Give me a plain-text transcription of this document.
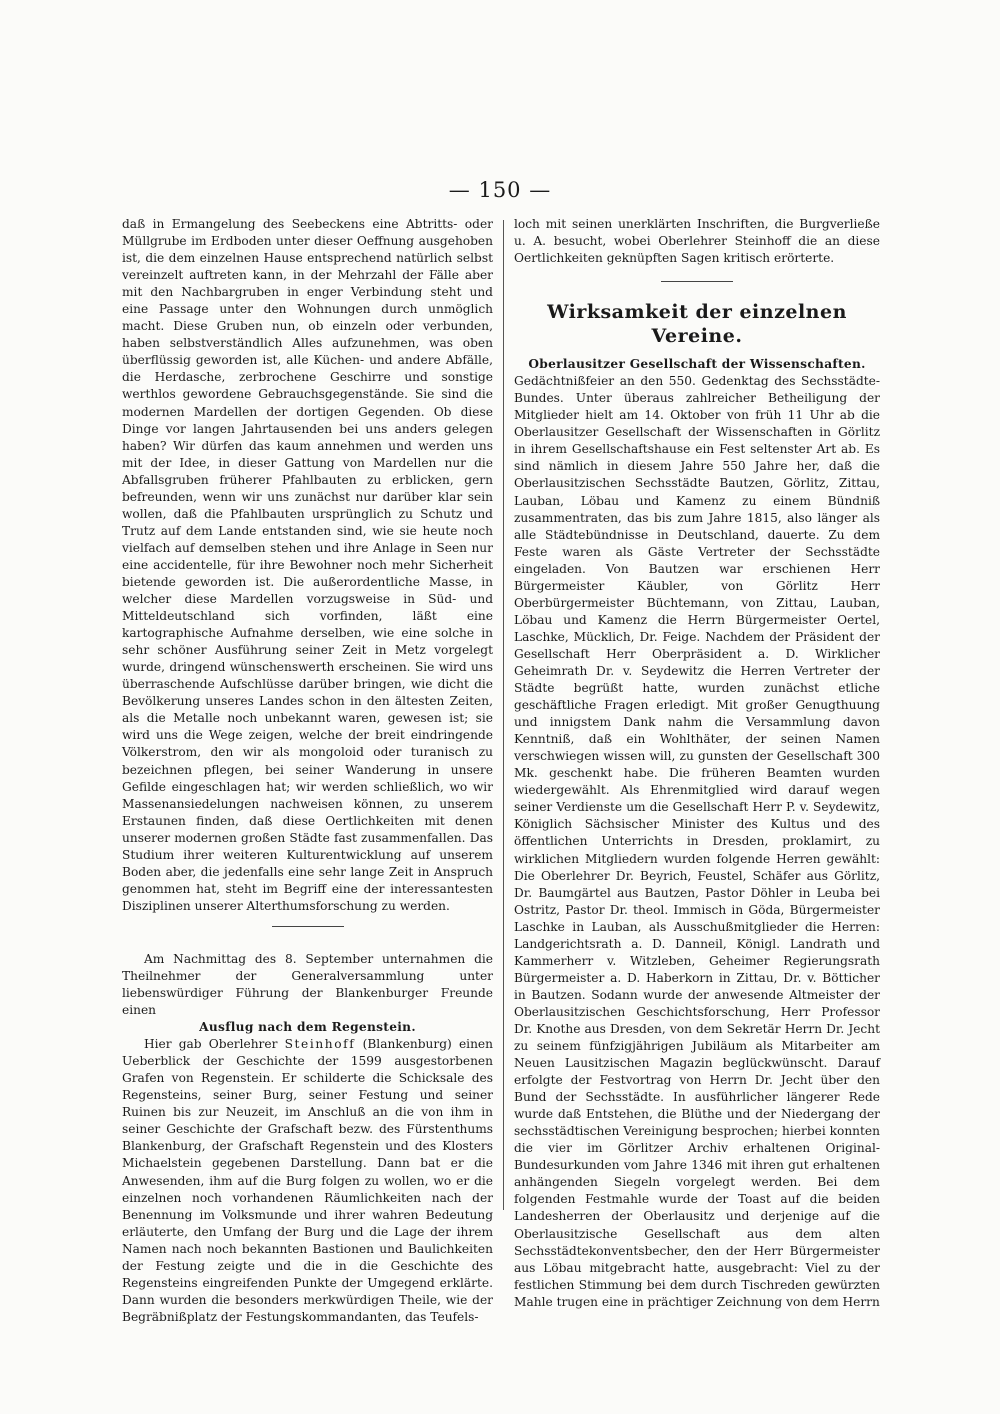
— 150 —

daß in Ermangelung des Seebeckens eine Abtritts- oder Müllgrube im Erdboden unter dieser Oeffnung ausgehoben ist, die dem einzelnen Hause entsprechend natürlich selbst vereinzelt auftreten kann, in der Mehrzahl der Fälle aber mit den Nachbargruben in enger Verbindung steht und eine Passage unter den Wohnungen durch unmöglich macht. Diese Gruben nun, ob einzeln oder verbunden, haben selbstverständlich Alles aufzunehmen, was oben überflüssig geworden ist, alle Küchen- und andere Abfälle, die Herdasche, zerbrochene Geschirre und sonstige werthlos gewordene Gebrauchsgegenstände. Sie sind die modernen Mardellen der dortigen Gegenden. Ob diese Dinge vor langen Jahrtausenden bei uns anders gelegen haben? Wir dürfen das kaum annehmen und werden uns mit der Idee, in dieser Gattung von Mardellen nur die Abfallsgruben früherer Pfahlbauten zu erblicken, gern befreunden, wenn wir uns zunächst nur darüber klar sein wollen, daß die Pfahlbauten ursprünglich zu Schutz und Trutz auf dem Lande entstanden sind, wie sie heute noch vielfach auf demselben stehen und ihre Anlage in Seen nur eine accidentelle, für ihre Bewohner noch mehr Sicherheit bietende geworden ist. Die außerordentliche Masse, in welcher diese Mardellen vorzugsweise in Süd- und Mitteldeutschland sich vorfinden, läßt eine kartographische Aufnahme derselben, wie eine solche in sehr schöner Ausführung seiner Zeit in Metz vorgelegt wurde, dringend wünschenswerth erscheinen. Sie wird uns überraschende Aufschlüsse darüber bringen, wie dicht die Bevölkerung unseres Landes schon in den ältesten Zeiten, als die Metalle noch unbekannt waren, gewesen ist; sie wird uns die Wege zeigen, welche der breit eindringende Völkerstrom, den wir als mongoloid oder turanisch zu bezeichnen pflegen, bei seiner Wanderung in unsere Gefilde eingeschlagen hat; wir werden schließlich, wo wir Massenansiedelungen nachweisen können, zu unserem Erstaunen finden, daß diese Oertlichkeiten mit denen unserer modernen großen Städte fast zusammenfallen. Das Studium ihrer weiteren Kulturentwicklung auf unserem Boden aber, die jedenfalls eine sehr lange Zeit in Anspruch genommen hat, steht im Begriff eine der interessantesten Disziplinen unserer Alterthumsforschung zu werden.

Am Nachmittag des 8. September unternahmen die Theilnehmer der Generalversammlung unter liebenswürdiger Führung der Blankenburger Freunde einen

Ausflug nach dem Regenstein.

Hier gab Oberlehrer Steinhoff (Blankenburg) einen Ueberblick der Geschichte der 1599 ausgestorbenen Grafen von Regenstein. Er schilderte die Schicksale des Regensteins, seiner Burg, seiner Festung und seiner Ruinen bis zur Neuzeit, im Anschluß an die von ihm in seiner Geschichte der Grafschaft bezw. des Fürstenthums Blankenburg, der Grafschaft Regenstein und des Klosters Michaelstein gegebenen Darstellung. Dann bat er die Anwesenden, ihm auf die Burg folgen zu wollen, wo er die einzelnen noch vorhandenen Räumlichkeiten nach der Benennung im Volksmunde und ihrer wahren Bedeutung erläuterte, den Umfang der Burg und die Lage der ihrem Namen nach noch bekannten Bastionen und Baulichkeiten der Festung zeigte und die in die Geschichte des Regensteins eingreifenden Punkte der Umgegend erklärte. Dann wurden die besonders merkwürdigen Theile, wie der Begräbnißplatz der Festungskommandanten, das Teufels-

loch mit seinen unerklärten Inschriften, die Burgverließe u. A. besucht, wobei Oberlehrer Steinhoff die an diese Oertlichkeiten geknüpften Sagen kritisch erörterte.

Wirksamkeit der einzelnen Vereine.

Oberlausitzer Gesellschaft der Wissenschaften.

Gedächtnißfeier an den 550. Gedenktag des Sechsstädte-Bundes. Unter überaus zahlreicher Betheiligung der Mitglieder hielt am 14. Oktober von früh 11 Uhr ab die Oberlausitzer Gesellschaft der Wissenschaften in Görlitz in ihrem Gesellschaftshause ein Fest seltenster Art ab. Es sind nämlich in diesem Jahre 550 Jahre her, daß die Oberlausitzischen Sechsstädte Bautzen, Görlitz, Zittau, Lauban, Löbau und Kamenz zu einem Bündniß zusammentraten, das bis zum Jahre 1815, also länger als alle Städtebündnisse in Deutschland, dauerte. Zu dem Feste waren als Gäste Vertreter der Sechsstädte eingeladen. Von Bautzen war erschienen Herr Bürgermeister Käubler, von Görlitz Herr Oberbürgermeister Büchtemann, von Zittau, Lauban, Löbau und Kamenz die Herrn Bürgermeister Oertel, Laschke, Mücklich, Dr. Feige. Nachdem der Präsident der Gesellschaft Herr Oberpräsident a. D. Wirklicher Geheimrath Dr. v. Seydewitz die Herren Vertreter der Städte begrüßt hatte, wurden zunächst etliche geschäftliche Fragen erledigt. Mit großer Genugthuung und innigstem Dank nahm die Versammlung davon Kenntniß, daß ein Wohlthäter, der seinen Namen verschwiegen wissen will, zu gunsten der Gesellschaft 300 Mk. geschenkt habe. Die früheren Beamten wurden wiedergewählt. Als Ehrenmitglied wird darauf wegen seiner Verdienste um die Gesellschaft Herr P. v. Seydewitz, Königlich Sächsischer Minister des Kultus und des öffentlichen Unterrichts in Dresden, proklamirt, zu wirklichen Mitgliedern wurden folgende Herren gewählt: Die Oberlehrer Dr. Beyrich, Feustel, Schäfer aus Görlitz, Dr. Baumgärtel aus Bautzen, Pastor Döhler in Leuba bei Ostritz, Pastor Dr. theol. Immisch in Göda, Bürgermeister Laschke in Lauban, als Ausschußmitglieder die Herren: Landgerichtsrath a. D. Danneil, Königl. Landrath und Kammerherr v. Witzleben, Geheimer Regierungsrath Bürgermeister a. D. Haberkorn in Zittau, Dr. v. Bötticher in Bautzen. Sodann wurde der anwesende Altmeister der Oberlausitzischen Geschichtsforschung, Herr Professor Dr. Knothe aus Dresden, von dem Sekretär Herrn Dr. Jecht zu seinem fünfzigjährigen Jubiläum als Mitarbeiter am Neuen Lausitzischen Magazin beglückwünscht. Darauf erfolgte der Festvortrag von Herrn Dr. Jecht über den Bund der Sechsstädte. In ausführlicher längerer Rede wurde daß Entstehen, die Blüthe und der Niedergang der sechsstädtischen Vereinigung besprochen; hierbei konnten die vier im Görlitzer Archiv erhaltenen Original-Bundesurkunden vom Jahre 1346 mit ihren gut erhaltenen anhängenden Siegeln vorgelegt werden. Bei dem folgenden Festmahle wurde der Toast auf die beiden Landesherren der Oberlausitz und derjenige auf die Oberlausitzische Gesellschaft aus dem alten Sechsstädtekonventsbecher, den der Herr Bürgermeister aus Löbau mitgebracht hatte, ausgebracht: Viel zu der festlichen Stimmung bei dem durch Tischreden gewürzten Mahle trugen eine in prächtiger Zeichnung von dem Herrn
